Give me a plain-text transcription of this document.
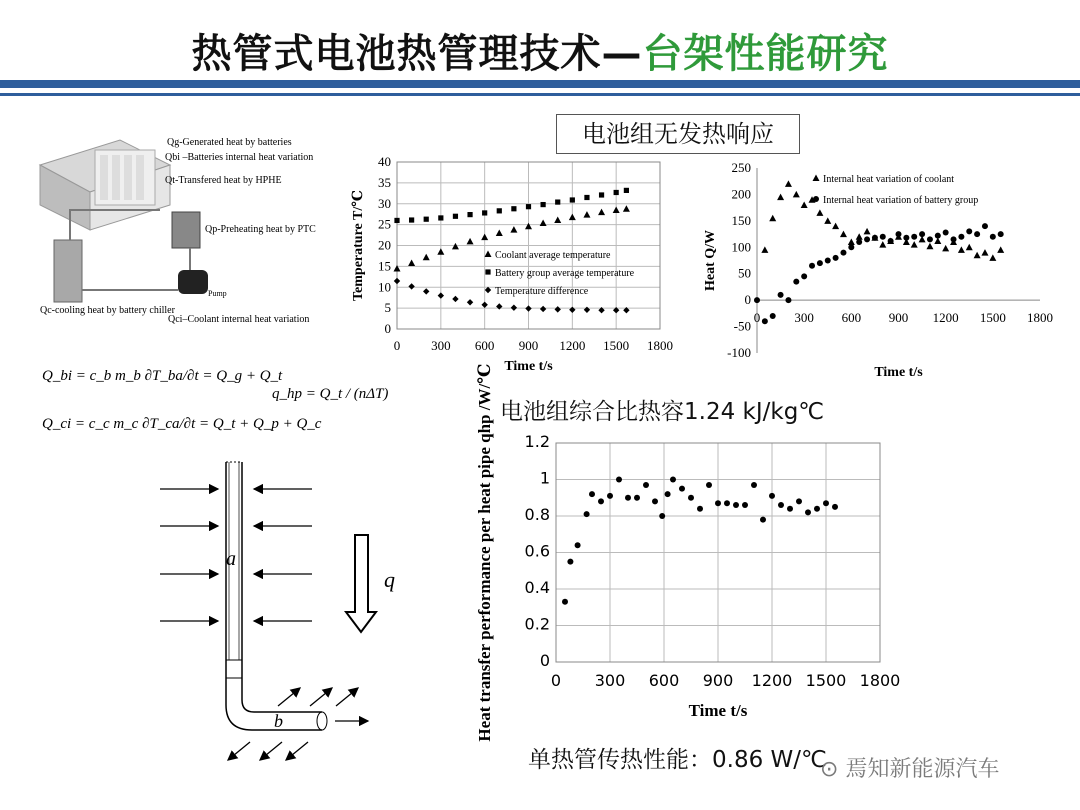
热管式电池热管理技术—台架性能研究
电池组无发热响应
电池组综合比热容1.24 kJ/kg℃
单热管传热性能：0.86 W/℃
⊙ 焉知新能源汽车
Qg-Generated heat by batteries
Qbi –Batteries internal heat variation
Qt-Transfered heat by HPHE
Qp-Preheating heat by PTC
Pump
Qc-cooling heat by battery chiller
Qci–Coolant internal heat variation
Q_bi = c_b m_b ∂T_ba/∂t = Q_g + Q_t
Q_ci = c_c m_c ∂T_ca/∂t = Q_t + Q_p + Q_c
q_hp = Q_t / (nΔT)
a
b
q
0
5
10
15
20
25
30
35
40
0 300 600 900 1200 1500 1800
Time t/s
Temperature T/℃	Coolant average temperature
Battery group average temperature
Temperature difference
-100
-50
0
50
100
150
200
250
0	300 600 900 1200 1500 1800
Time t/s
Heat Q/W
Internal heat variation of coolant
Internal heat variation of battery group
0
0.2
0.4
0.6
0.8
1
1.2
0 300 600 900 1200 1500 1800
Time t/s
Heat transfer performance per heat pipe qhp /W/℃
